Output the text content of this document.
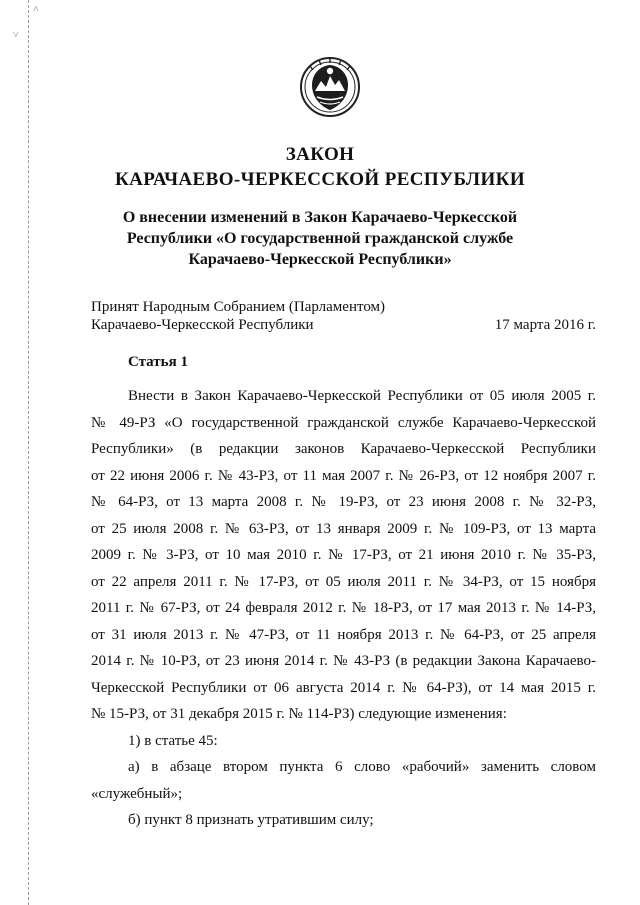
˄
˅
ЗАКОН
КАРАЧАЕВО-ЧЕРКЕССКОЙ РЕСПУБЛИКИ
О внесении изменений в Закон Карачаево-Черкесской
Республики «О государственной гражданской службе
Карачаево-Черкесской Республики»
Принят Народным Собранием (Парламентом)
Карачаево-Черкесской Республики	17 марта 2016 г.
Статья 1
Внести в Закон Карачаево-Черкесской Республики от 05 июля 2005 г.
№ 49-РЗ «О государственной гражданской службе Карачаево-Черкесской
Республики» (в редакции законов Карачаево-Черкесской Республики
от 22 июня 2006 г. № 43-РЗ, от 11 мая 2007 г. № 26-РЗ, от 12 ноября 2007 г.
№ 64-РЗ, от 13 марта 2008 г. № 19-РЗ, от 23 июня 2008 г. № 32-РЗ,
от 25 июля 2008 г. № 63-РЗ, от 13 января 2009 г. № 109-РЗ, от 13 марта
2009 г. № 3-РЗ, от 10 мая 2010 г. № 17-РЗ, от 21 июня 2010 г. № 35-РЗ,
от 22 апреля 2011 г. № 17-РЗ, от 05 июля 2011 г. № 34-РЗ, от 15 ноября
2011 г. № 67-РЗ, от 24 февраля 2012 г. № 18-РЗ, от 17 мая 2013 г. № 14-РЗ,
от 31 июля 2013 г. № 47-РЗ, от 11 ноября 2013 г. № 64-РЗ, от 25 апреля
2014 г. № 10-РЗ, от 23 июня 2014 г. № 43-РЗ (в редакции Закона Карачаево-
Черкесской Республики от 06 августа 2014 г. № 64-РЗ), от 14 мая 2015 г.
№ 15-РЗ, от 31 декабря 2015 г. № 114-РЗ) следующие изменения:
1) в статье 45:
а) в абзаце втором пункта 6 слово «рабочий» заменить словом
«служебный»;
б) пункт 8 признать утратившим силу;
